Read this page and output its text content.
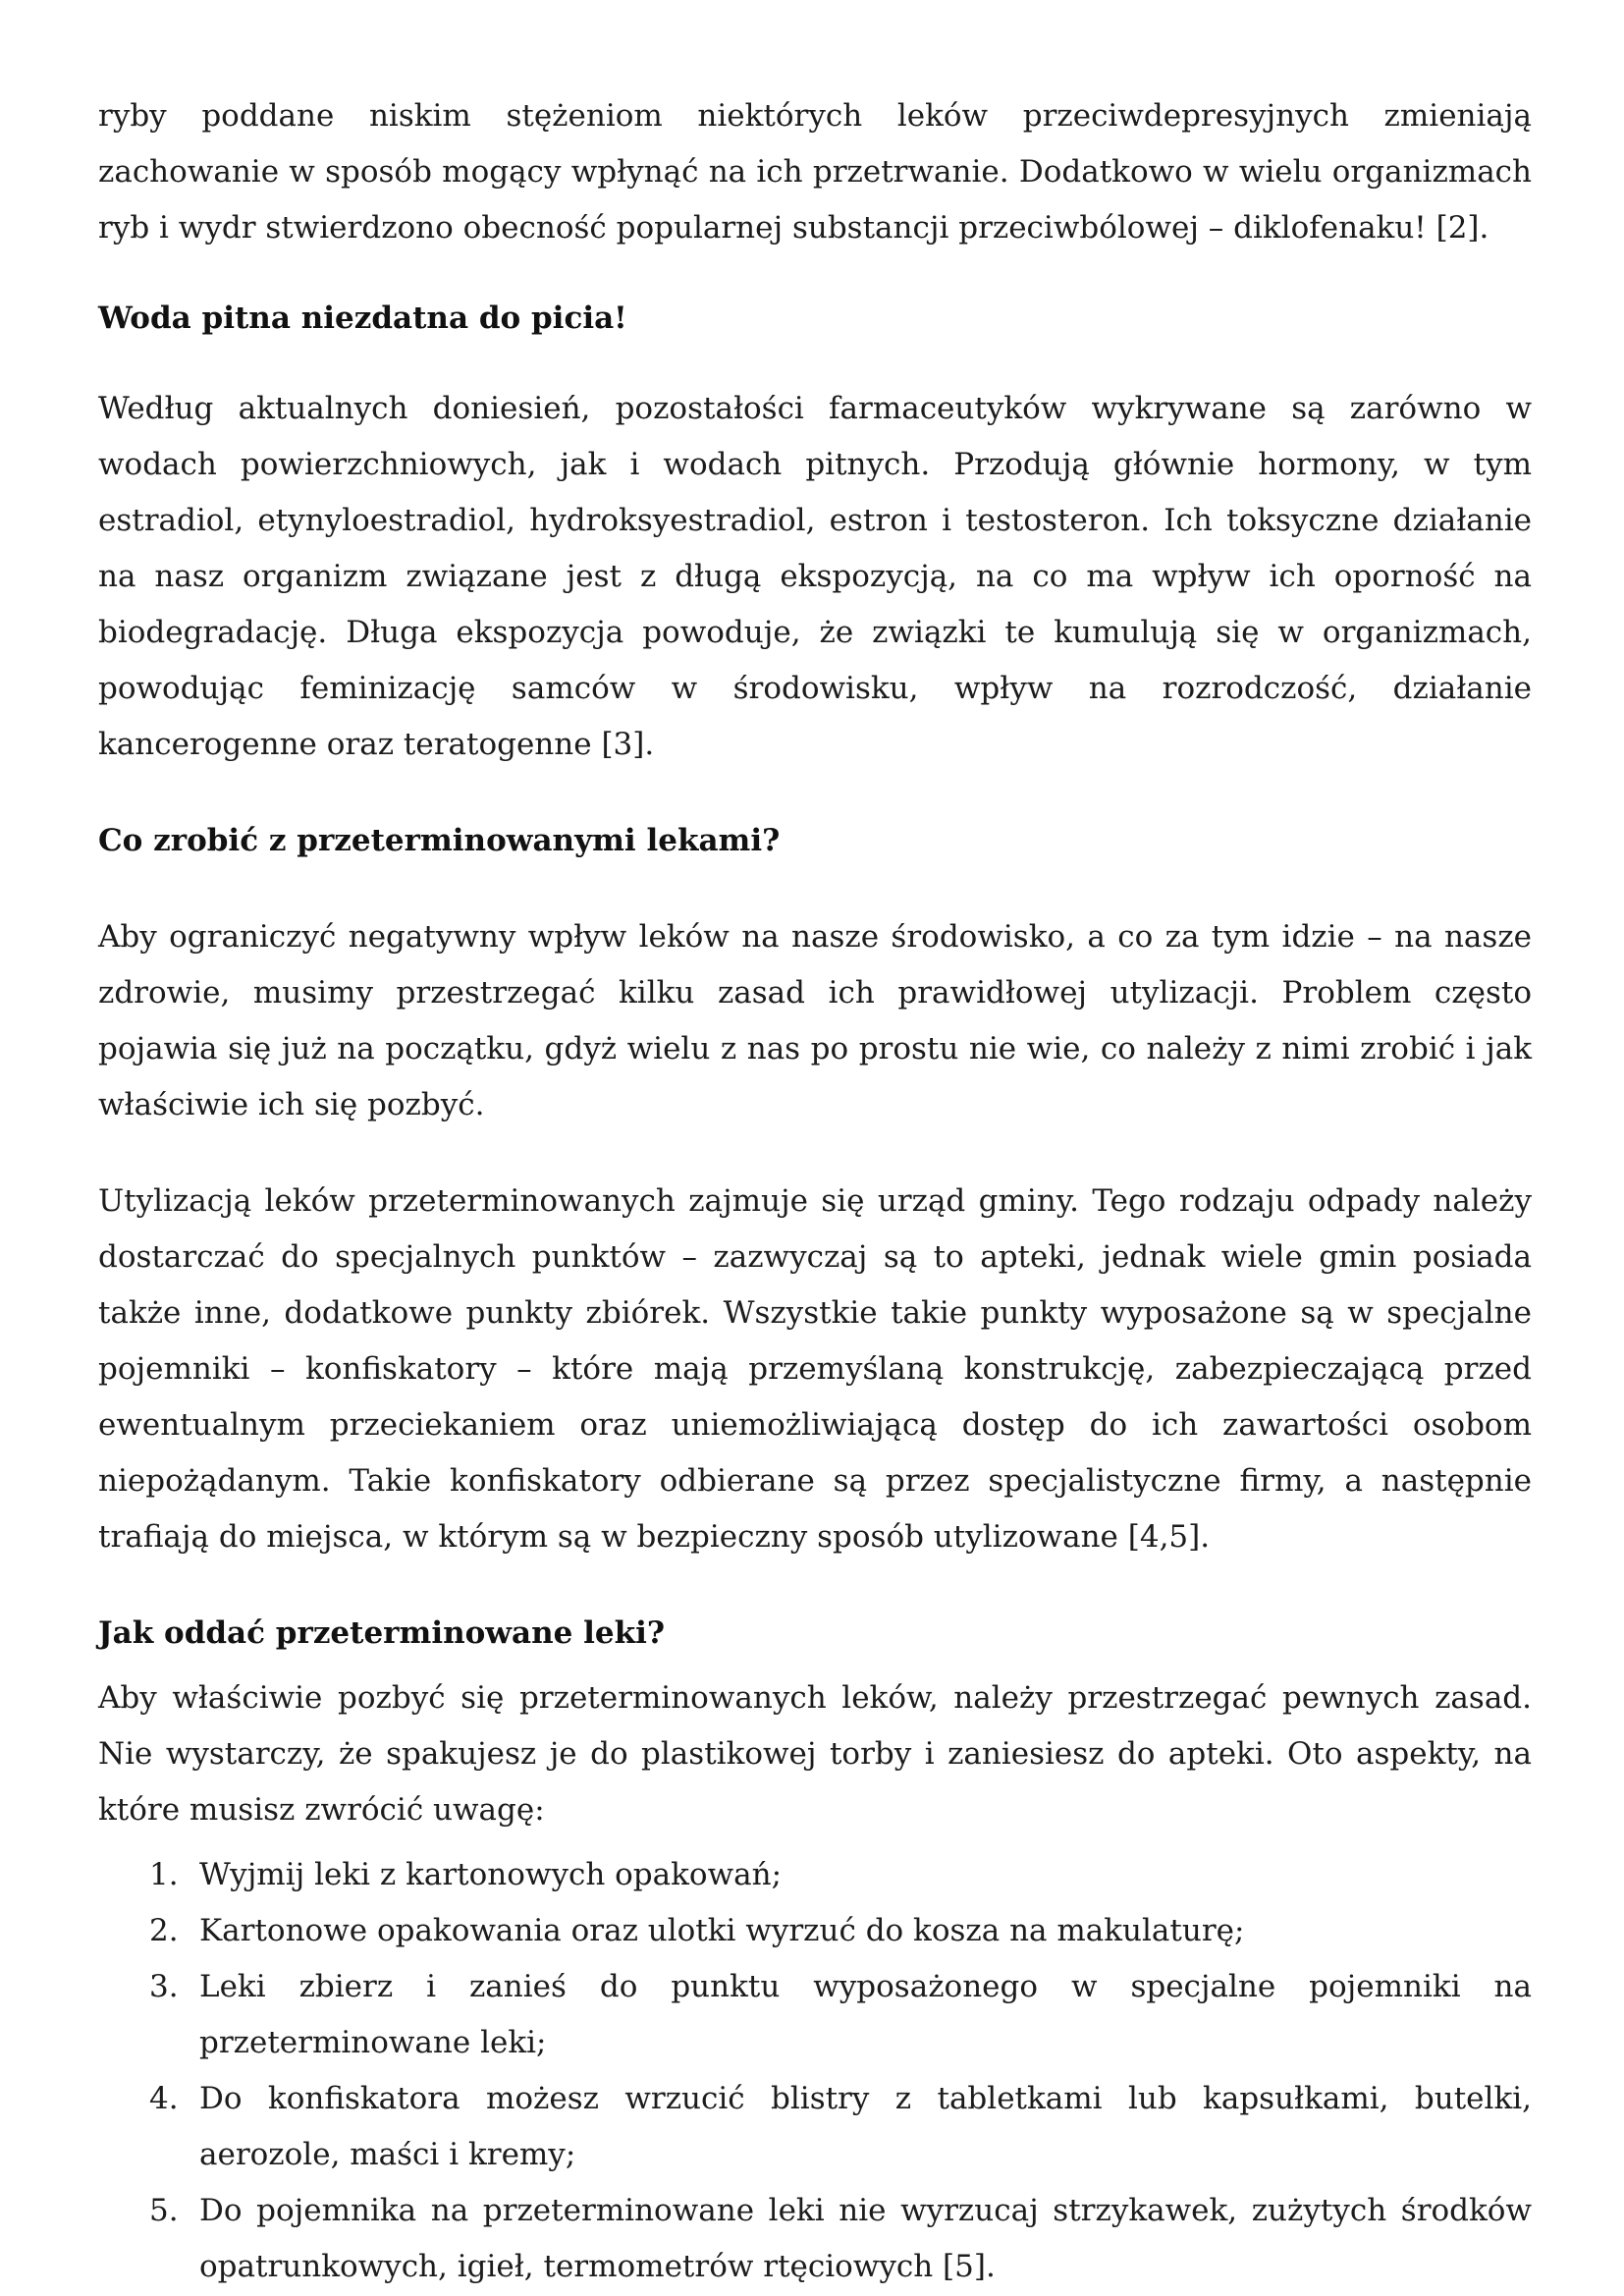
ryby poddane niskim stężeniom niektórych leków przeciwdepresyjnych zmieniają zachowanie w sposób mogący wpłynąć na ich przetrwanie. Dodatkowo w wielu organizmach ryb i wydr stwierdzono obecność popularnej substancji przeciwbólowej – diklofenaku! [2].

Woda pitna niezdatna do picia!

Według aktualnych doniesień, pozostałości farmaceutyków wykrywane są zarówno w wodach powierzchniowych, jak i wodach pitnych. Przodują głównie hormony, w tym estradiol, etynyloestradiol, hydroksyestradiol, estron i testosteron. Ich toksyczne działanie na nasz organizm związane jest z długą ekspozycją, na co ma wpływ ich oporność na biodegradację. Długa ekspozycja powoduje, że związki te kumulują się w organizmach, powodując feminizację samców w środowisku, wpływ na rozrodczość, działanie kancerogenne oraz teratogenne [3].

Co zrobić z przeterminowanymi lekami?

Aby ograniczyć negatywny wpływ leków na nasze środowisko, a co za tym idzie – na nasze zdrowie, musimy przestrzegać kilku zasad ich prawidłowej utylizacji. Problem często pojawia się już na początku, gdyż wielu z nas po prostu nie wie, co należy z nimi zrobić i jak właściwie ich się pozbyć.

Utylizacją leków przeterminowanych zajmuje się urząd gminy. Tego rodzaju odpady należy dostarczać do specjalnych punktów – zazwyczaj są to apteki, jednak wiele gmin posiada także inne, dodatkowe punkty zbiórek. Wszystkie takie punkty wyposażone są w specjalne pojemniki – konfiskatory – które mają przemyślaną konstrukcję, zabezpieczającą przed ewentualnym przeciekaniem oraz uniemożliwiającą dostęp do ich zawartości osobom niepożądanym. Takie konfiskatory odbierane są przez specjalistyczne firmy, a następnie trafiają do miejsca, w którym są w bezpieczny sposób utylizowane [4,5].

Jak oddać przeterminowane leki?

Aby właściwie pozbyć się przeterminowanych leków, należy przestrzegać pewnych zasad. Nie wystarczy, że spakujesz je do plastikowej torby i zaniesiesz do apteki. Oto aspekty, na które musisz zwrócić uwagę:

1. Wyjmij leki z kartonowych opakowań;
2. Kartonowe opakowania oraz ulotki wyrzuć do kosza na makulaturę;
3. Leki zbierz i zanieś do punktu wyposażonego w specjalne pojemniki na przeterminowane leki;
4. Do konfiskatora możesz wrzucić blistry z tabletkami lub kapsułkami, butelki, aerozole, maści i kremy;
5. Do pojemnika na przeterminowane leki nie wyrzucaj strzykawek, zużytych środków opatrunkowych, igieł, termometrów rtęciowych [5].
